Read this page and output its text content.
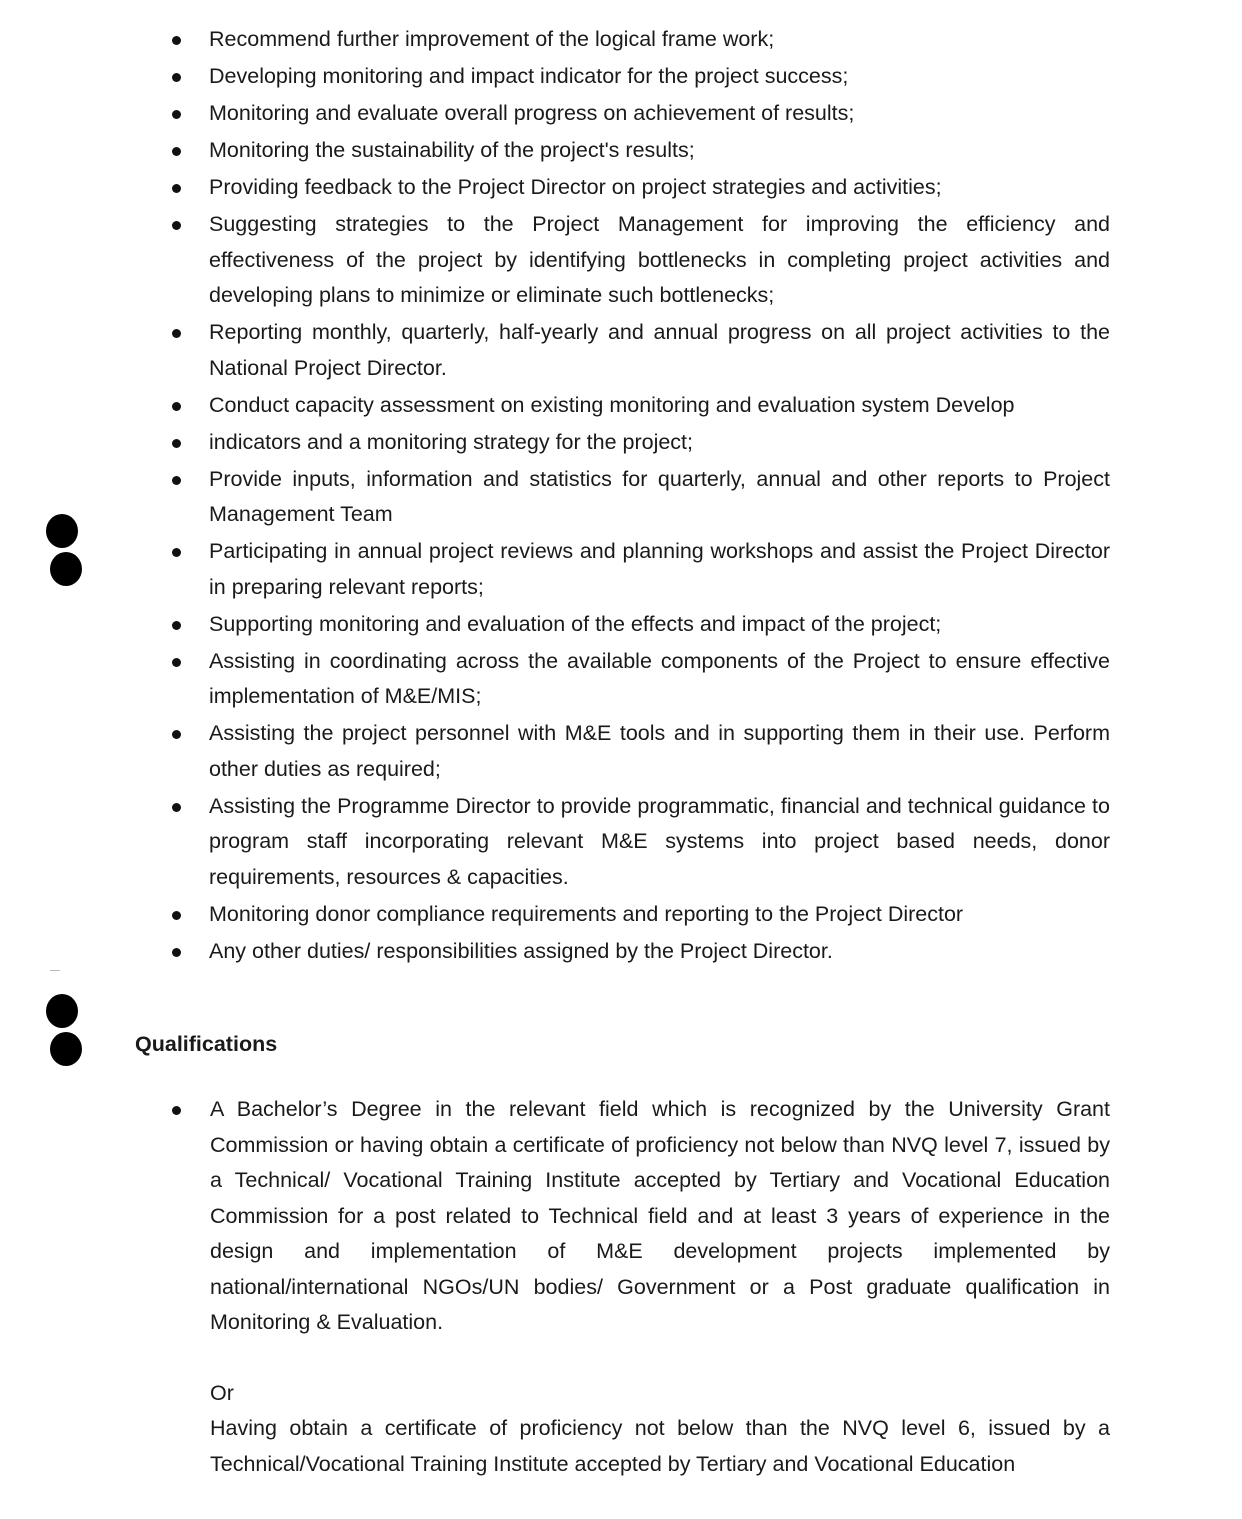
Recommend further improvement of the logical frame work;
Developing monitoring and impact indicator for the project success;
Monitoring and evaluate overall progress on achievement of results;
Monitoring the sustainability of the project's results;
Providing feedback to the Project Director on project strategies and activities;
Suggesting strategies to the Project Management for improving the efficiency and effectiveness of the project by identifying bottlenecks in completing project activities and developing plans to minimize or eliminate such bottlenecks;
Reporting monthly, quarterly, half-yearly and annual progress on all project activities to the National Project Director.
Conduct capacity assessment on existing monitoring and evaluation system Develop
indicators and a monitoring strategy for the project;
Provide inputs, information and statistics for quarterly, annual and other reports to Project Management Team
Participating in annual project reviews and planning workshops and assist the Project Director in preparing relevant reports;
Supporting monitoring and evaluation of the effects and impact of the project;
Assisting in coordinating across the available components of the Project to ensure effective implementation of M&E/MIS;
Assisting the project personnel with M&E tools and in supporting them in their use. Perform other duties as required;
Assisting the Programme Director to provide programmatic, financial and technical guidance to program staff incorporating relevant M&E systems into project based needs, donor requirements, resources & capacities.
Monitoring donor compliance requirements and reporting to the Project Director
Any other duties/ responsibilities assigned by the Project Director.
Qualifications

A Bachelor’s Degree in the relevant field which is recognized by the University Grant Commission or having obtain a certificate of proficiency not below than NVQ level 7, issued by a Technical/ Vocational Training Institute accepted by Tertiary and Vocational Education Commission for a post related to Technical field and at least 3 years of experience in the design and implementation of M&E development projects implemented by national/international NGOs/UN bodies/ Government or a Post graduate qualification in Monitoring & Evaluation.

Or

Having obtain a certificate of proficiency not below than the NVQ level 6, issued by a Technical/Vocational Training Institute accepted by Tertiary and Vocational Education
